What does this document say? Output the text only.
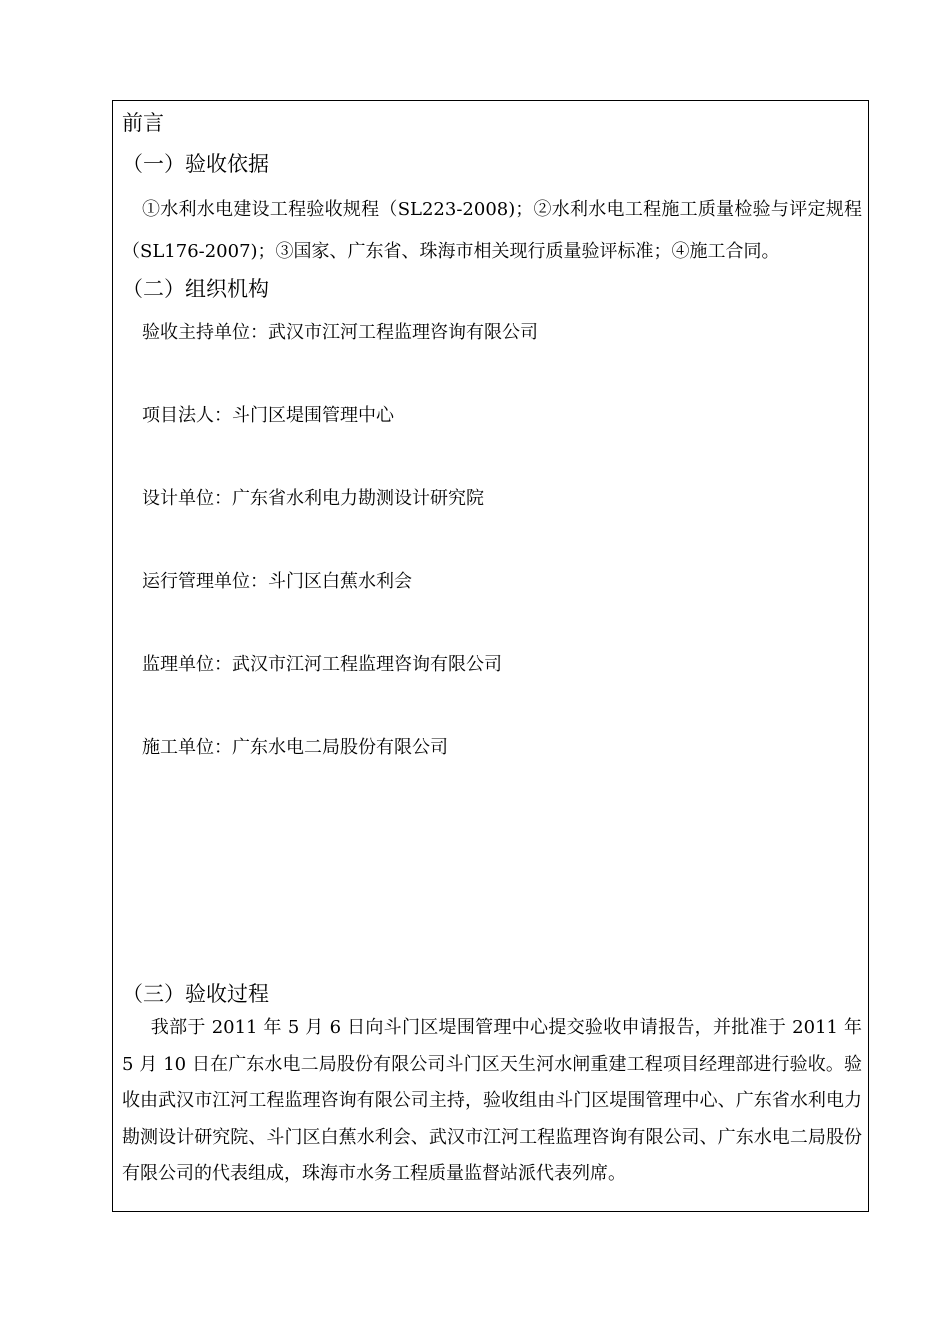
前言
（一）验收依据
①水利水电建设工程验收规程（SL223-2008)；②水利水电工程施工质量检验与评定规程（SL176-2007)；③国家、广东省、珠海市相关现行质量验评标准；④施工合同。
（二）组织机构
验收主持单位：武汉市江河工程监理咨询有限公司
项目法人：斗门区堤围管理中心
设计单位：广东省水利电力勘测设计研究院
运行管理单位：斗门区白蕉水利会
监理单位：武汉市江河工程监理咨询有限公司
施工单位：广东水电二局股份有限公司
（三）验收过程
我部于 2011 年 5 月 6 日向斗门区堤围管理中心提交验收申请报告，并批准于 2011 年 5 月 10 日在广东水电二局股份有限公司斗门区天生河水闸重建工程项目经理部进行验收。验收由武汉市江河工程监理咨询有限公司主持，验收组由斗门区堤围管理中心、广东省水利电力勘测设计研究院、斗门区白蕉水利会、武汉市江河工程监理咨询有限公司、广东水电二局股份有限公司的代表组成，珠海市水务工程质量监督站派代表列席。
